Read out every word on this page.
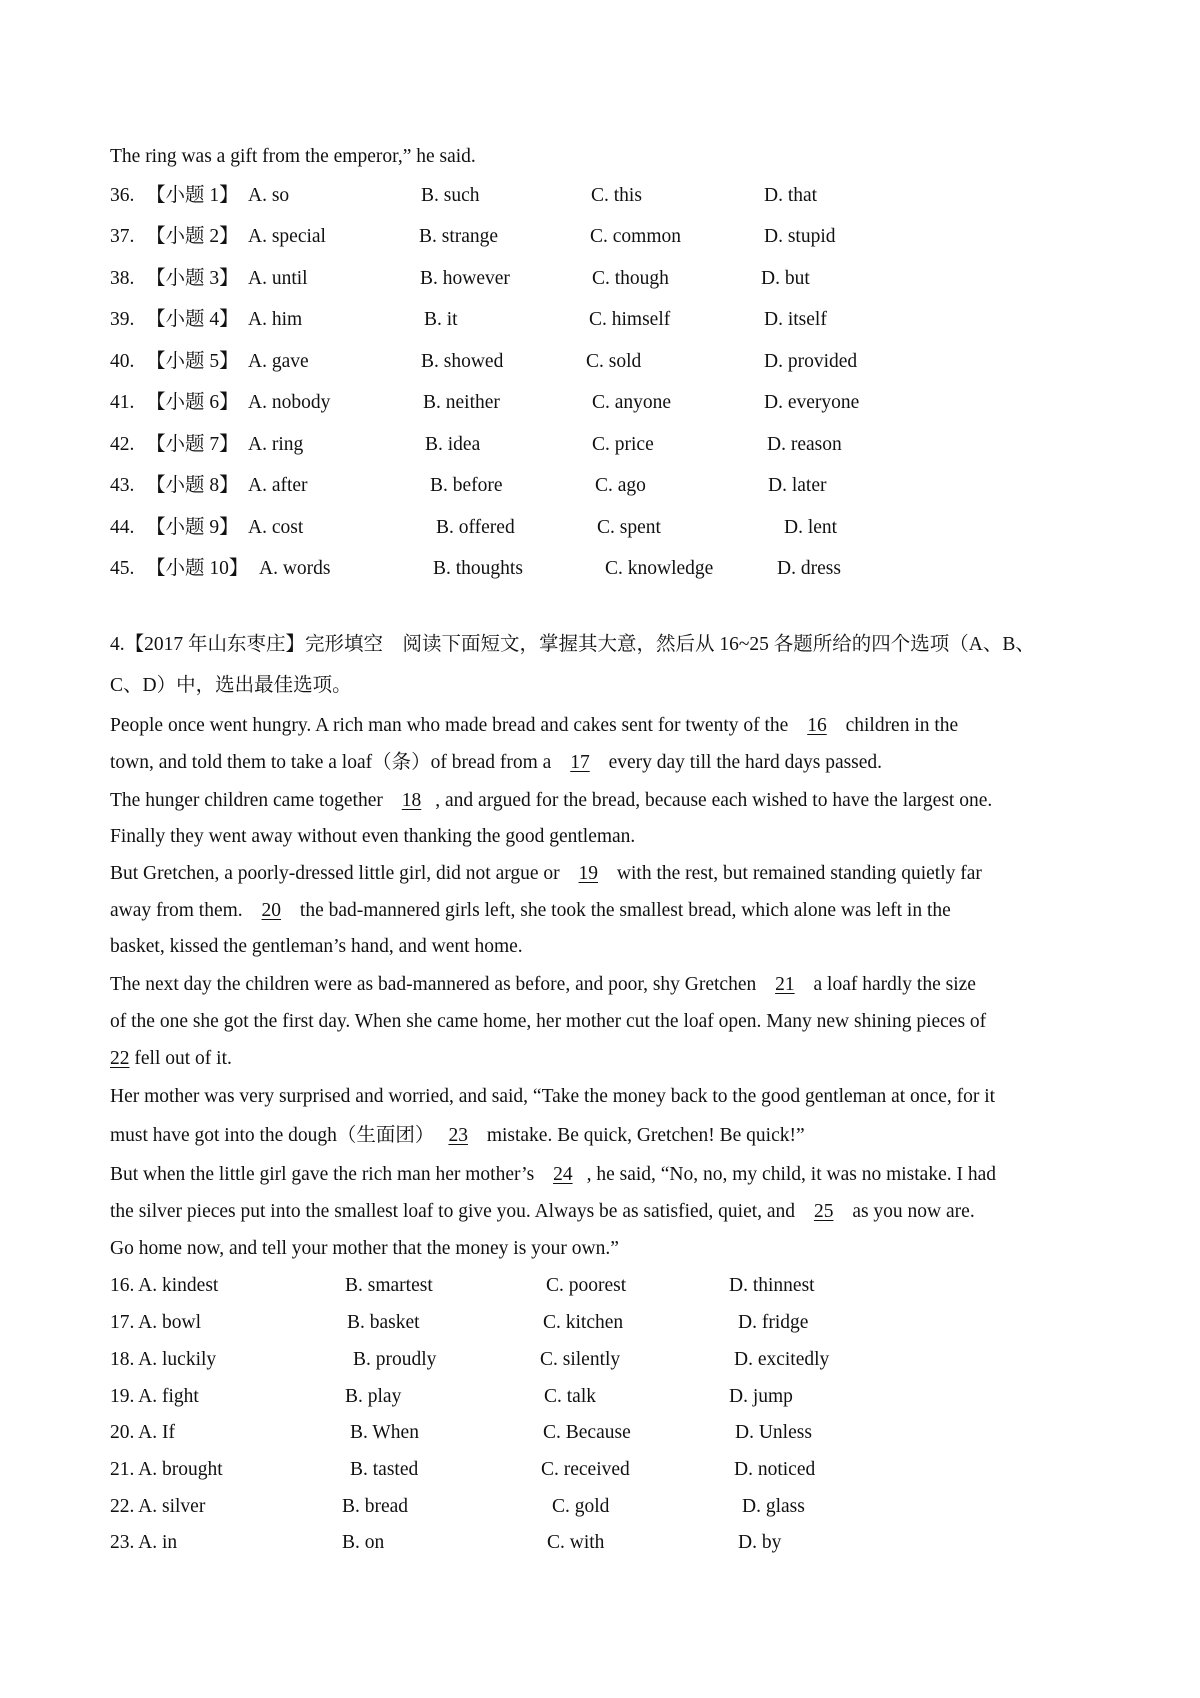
The ring was a gift from the emperor,” he said.
36. 【小题 1】 A. so	B. such	C. this	D. that
37. 【小题 2】 A. special	B. strange	C. common	D. stupid
38. 【小题 3】 A. until	B. however	C. though	D. but
39. 【小题 4】 A. him	B. it	C. himself	D. itself
40. 【小题 5】 A. gave	B. showed	C. sold	D. provided
41. 【小题 6】 A. nobody	B. neither	C. anyone	D. everyone
42. 【小题 7】 A. ring	B. idea	C. price	D. reason
43. 【小题 8】 A. after	B. before	C. ago	D. later
44. 【小题 9】 A. cost	B. offered	C. spent	D. lent
45. 【小题 10】 A. words	B. thoughts	C. knowledge	D. dress
4.【2017 年山东枣庄】完形填空　阅读下面短文，掌握其大意，然后从 16~25 各题所给的四个选项（A、B、
C、D）中，选出最佳选项。
People once went hungry. A rich man who made bread and cakes sent for twenty of the 16 children in the
town, and told them to take a loaf（条）of bread from a 17 every day till the hard days passed.
The hunger children came together 18 , and argued for the bread, because each wished to have the largest one.
Finally they went away without even thanking the good gentleman.
But Gretchen, a poorly-dressed little girl, did not argue or 19 with the rest, but remained standing quietly far
away from them. 20 the bad-mannered girls left, she took the smallest bread, which alone was left in the
basket, kissed the gentleman’s hand, and went home.
The next day the children were as bad-mannered as before, and poor, shy Gretchen 21 a loaf hardly the size
of the one she got the first day. When she came home, her mother cut the loaf open. Many new shining pieces of
22 fell out of it.
Her mother was very surprised and worried, and said, “Take the money back to the good gentleman at once, for it
must have got into the dough（生面团） 23 mistake. Be quick, Gretchen! Be quick!”
But when the little girl gave the rich man her mother’s 24 , he said, “No, no, my child, it was no mistake. I had
the silver pieces put into the smallest loaf to give you. Always be as satisfied, quiet, and 25 as you now are.
Go home now, and tell your mother that the money is your own.”
16. A. kindest	B. smartest	C. poorest	D. thinnest
17. A. bowl	B. basket	C. kitchen	D. fridge
18. A. luckily	B. proudly	C. silently	D. excitedly
19. A. fight	B. play	C. talk	D. jump
20. A. If	B. When	C. Because	D. Unless
21. A. brought	B. tasted	C. received	D. noticed
22. A. silver	B. bread	C. gold	D. glass
23. A. in	B. on	C. with	D. by
